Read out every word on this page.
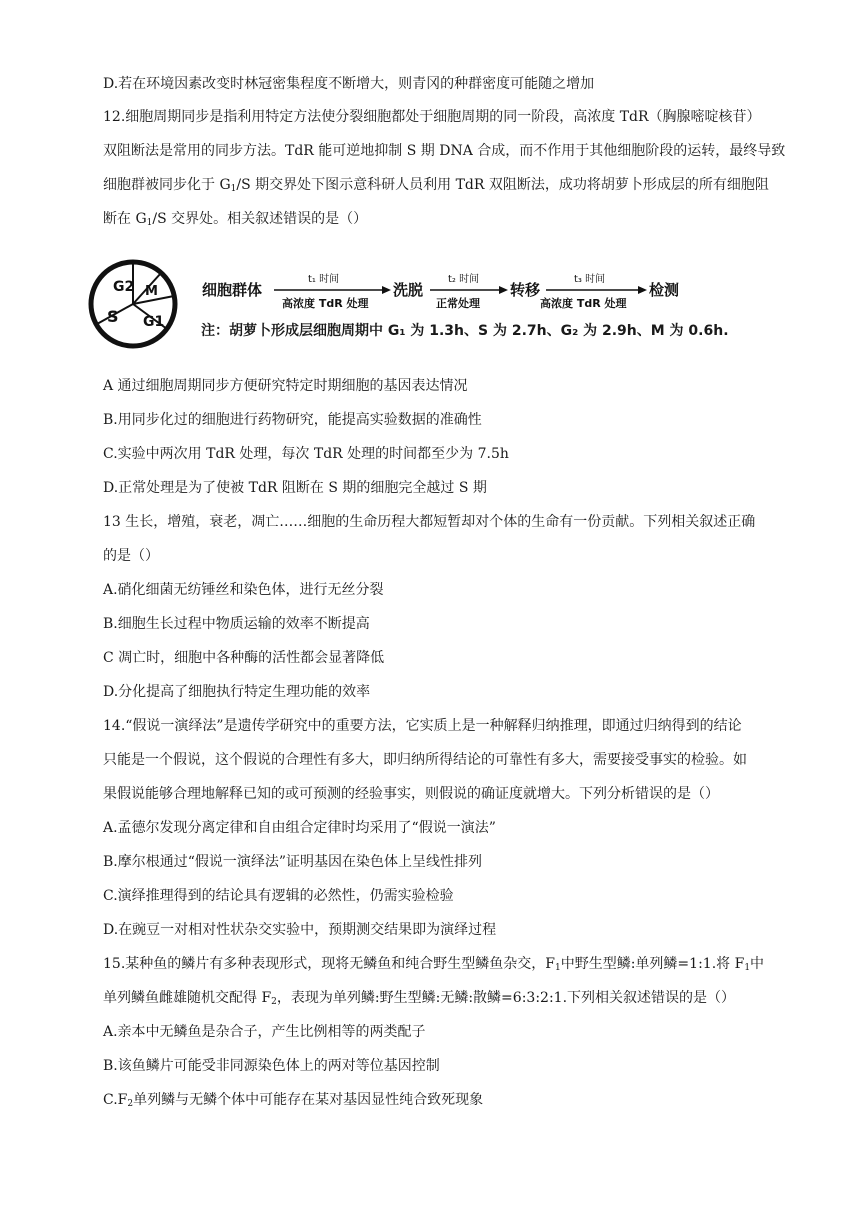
D.若在环境因素改变时林冠密集程度不断增大，则青冈的种群密度可能随之增加
12.细胞周期同步是指利用特定方法使分裂细胞都处于细胞周期的同一阶段，高浓度 TdR（胸腺嘧啶核苷）
双阻断法是常用的同步方法。TdR 能可逆地抑制 S 期 DNA 合成，而不作用于其他细胞阶段的运转，最终导致
细胞群被同步化于 $G_1/S$ 期交界处下图示意科研人员利用 TdR 双阻断法，成功将胡萝卜形成层的所有细胞阻
断在 $G_1/S$ 交界处。相关叙述错误的是（）
G2 M
S G1
细胞群体
t₁ 时间
高浓度 TdR 处理
洗脱
t₂ 时间
正常处理
转移
t₃ 时间
高浓度 TdR 处理
检测
注：胡萝卜形成层细胞周期中 G₁ 为 1.3h、S 为 2.7h、G₂ 为 2.9h、M 为 0.6h.
A 通过细胞周期同步方便研究特定时期细胞的基因表达情况
B.用同步化过的细胞进行药物研究，能提高实验数据的准确性
C.实验中两次用 TdR 处理，每次 TdR 处理的时间都至少为 7.5h
D.正常处理是为了使被 TdR 阻断在 S 期的细胞完全越过 S 期
13 生长，增殖，衰老，凋亡……细胞的生命历程大都短暂却对个体的生命有一份贡献。下列相关叙述正确
的是（）
A.硝化细菌无纺锤丝和染色体，进行无丝分裂
B.细胞生长过程中物质运输的效率不断提高
C 凋亡时，细胞中各种酶的活性都会显著降低
D.分化提高了细胞执行特定生理功能的效率
14.“假说一演绎法”是遗传学研究中的重要方法，它实质上是一种解释归纳推理，即通过归纳得到的结论
只能是一个假说，这个假说的合理性有多大，即归纳所得结论的可靠性有多大，需要接受事实的检验。如
果假说能够合理地解释已知的或可预测的经验事实，则假说的确证度就增大。下列分析错误的是（）
A.孟德尔发现分离定律和自由组合定律时均采用了“假说一演法”
B.摩尔根通过“假说一演绎法”证明基因在染色体上呈线性排列
C.演绎推理得到的结论具有逻辑的必然性，仍需实验检验
D.在豌豆一对相对性状杂交实验中，预期测交结果即为演绎过程
15.某种鱼的鳞片有多种表现形式，现将无鳞鱼和纯合野生型鳞鱼杂交，$F_1$中野生型鳞:单列鳞=1:1.将 $F_1$中
单列鳞鱼雌雄随机交配得 $F_2$，表现为单列鳞:野生型鳞:无鳞:散鳞=6:3:2:1.下列相关叙述错误的是（）
A.亲本中无鳞鱼是杂合子，产生比例相等的两类配子
B.该鱼鳞片可能受非同源染色体上的两对等位基因控制
$C.F_2$单列鳞与无鳞个体中可能存在某对基因显性纯合致死现象
